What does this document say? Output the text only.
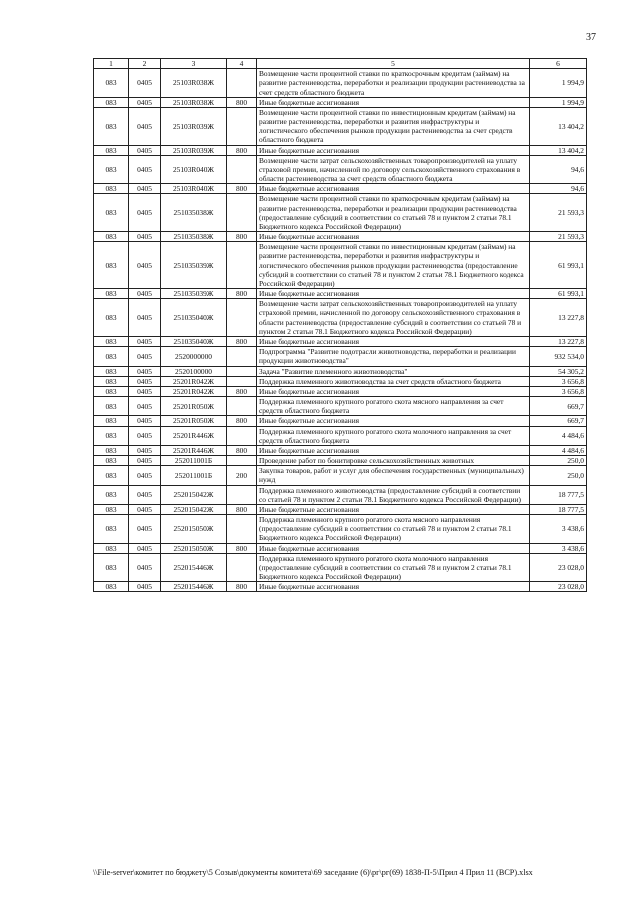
37
1	2	3	4	5	6
083	0405	25103R038Ж		Возмещение части процентной ставки по краткосрочным кредитам (займам) на развитие растениеводства, переработки и реализации продукции растениеводства за счет средств областного бюджета	1 994,9
083	0405	25103R038Ж	800	Иные бюджетные ассигнования	1 994,9
083	0405	25103R039Ж		Возмещение части процентной ставки по инвестиционным кредитам (займам) на развитие растениеводства, переработки и развития инфраструктуры и логистического обеспечения рынков продукции растениеводства за счет средств областного бюджета	13 404,2
083	0405	25103R039Ж	800	Иные бюджетные ассигнования	13 404,2
083	0405	25103R040Ж		Возмещение части затрат сельскохозяйственных товаропроизводителей на уплату страховой премии, начисленной по договору сельскохозяйственного страхования в области растениеводства за счет средств областного бюджета	94,6
083	0405	25103R040Ж	800	Иные бюджетные ассигнования	94,6
083	0405	251035038Ж		Возмещение части процентной ставки по краткосрочным кредитам (займам) на развитие растениеводства, переработки и реализации продукции растениеводства (предоставление субсидий в соответствии со статьей 78 и пунктом 2 статьи 78.1 Бюджетного кодекса Российской Федерации)	21 593,3
083	0405	251035038Ж	800	Иные бюджетные ассигнования	21 593,3
083	0405	251035039Ж		Возмещение части процентной ставки по инвестиционным кредитам (займам) на развитие растениеводства, переработки и развития инфраструктуры и логистического обеспечения рынков продукции растениеводства (предоставление субсидий в соответствии со статьей 78 и пунктом 2 статьи 78.1 Бюджетного кодекса Российской Федерации)	61 993,1
083	0405	251035039Ж	800	Иные бюджетные ассигнования	61 993,1
083	0405	251035040Ж		Возмещение части затрат сельскохозяйственных товаропроизводителей на уплату страховой премии, начисленной по договору сельскохозяйственного страхования в области растениеводства (предоставление субсидий в соответствии со статьей 78 и пунктом 2 статьи 78.1 Бюджетного кодекса Российской Федерации)	13 227,8
083	0405	251035040Ж	800	Иные бюджетные ассигнования	13 227,8
083	0405	2520000000		Подпрограмма "Развитие подотрасли животноводства, переработки и реализации продукции животноводства"	932 534,0
083	0405	2520100000		Задача "Развитие племенного животноводства"	54 305,2
083	0405	25201R042Ж		Поддержка племенного животноводства за счет средств областного бюджета	3 656,8
083	0405	25201R042Ж	800	Иные бюджетные ассигнования	3 656,8
083	0405	25201R050Ж		Поддержка племенного крупного рогатого скота мясного направления за счет средств областного бюджета	669,7
083	0405	25201R050Ж	800	Иные бюджетные ассигнования	669,7
083	0405	25201R446Ж		Поддержка племенного крупного рогатого скота молочного направления за счет средств областного бюджета	4 484,6
083	0405	25201R446Ж	800	Иные бюджетные ассигнования	4 484,6
083	0405	252011001Б		Проведение работ по бонитировке сельскохозяйственных животных	250,0
083	0405	252011001Б	200	Закупка товаров, работ и услуг для обеспечения государственных (муниципальных) нужд	250,0
083	0405	252015042Ж		Поддержка племенного животноводства (предоставление субсидий в соответствии со статьей 78 и пунктом 2 статьи 78.1 Бюджетного кодекса Российской Федерации)	18 777,5
083	0405	252015042Ж	800	Иные бюджетные ассигнования	18 777,5
083	0405	252015050Ж		Поддержка племенного крупного рогатого скота мясного направления (предоставление субсидий в соответствии со статьей 78 и пунктом 2 статьи 78.1 Бюджетного кодекса Российской Федерации)	3 438,6
083	0405	252015050Ж	800	Иные бюджетные ассигнования	3 438,6
083	0405	252015446Ж		Поддержка племенного крупного рогатого скота молочного направления (предоставление субсидий в соответствии со статьей 78 и пунктом 2 статьи 78.1 Бюджетного кодекса Российской Федерации)	23 028,0
083	0405	252015446Ж	800	Иные бюджетные ассигнования	23 028,0
\\File-server\комитет по бюджету\5 Созыв\документы комитета\69 заседание (6)\рг\рг(69) 1838-П-5\Прил 4 Прил 11 (ВСР).xlsx
